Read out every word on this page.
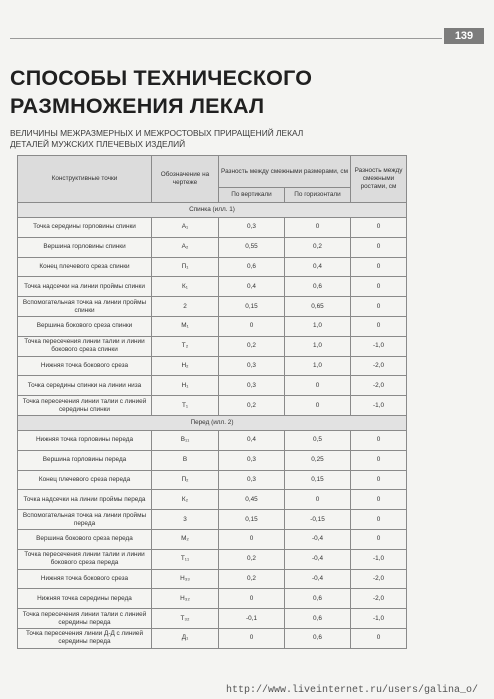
139
СПОСОБЫ ТЕХНИЧЕСКОГО
РАЗМНОЖЕНИЯ ЛЕКАЛ
ВЕЛИЧИНЫ МЕЖРАЗМЕРНЫХ И МЕЖРОСТОВЫХ ПРИРАЩЕНИЙ ЛЕКАЛ
ДЕТАЛЕЙ МУЖСКИХ ПЛЕЧЕВЫХ ИЗДЕЛИЙ
Конструктивные точки	Обозначение на чертеже	Разность между смежными размерами, см		Разность между смежными ростами, см
		По вертикали	По горизонтали	
Спинка (илл. 1)				
Точка середины горловины спинки	А₁	0,3	0	0
Вершина горловины спинки	А₂	0,55	0,2	0
Конец плечевого среза спинки	П₁	0,6	0,4	0
Точка надсечки на линии проймы спинки	К₁	0,4	0,6	0
Вспомогательная точка на линии проймы спинки	2	0,15	0,65	0
Вершина бокового среза спинки	М₁	0	1,0	0
Точка пересечения линии талии и линии бокового среза спинки	Т₂	0,2	1,0	-1,0
Нижняя точка бокового среза	Н₂	0,3	1,0	-2,0
Точка середины спинки на линии низа	Н₁	0,3	0	-2,0
Точка пересечения линии талии с линией середины спинки	Т₁	0,2	0	-1,0
Перед (илл. 2)				
Нижняя точка горловины переда	В₁₁	0,4	0,5	0
Вершина горловины переда	В	0,3	0,25	0
Конец плечевого среза переда	П₂	0,3	0,15	0
Точка надсечки на линии проймы переда	К₂	0,45	0	0
Вспомогательная точка на линии проймы переда	3	0,15	-0,15	0
Вершина бокового среза переда	М₂	0	-0,4	0
Точка пересечения линии талии и линии бокового среза переда	Т₁₁	0,2	-0,4	-1,0
Нижняя точка бокового среза	Н₃₃	0,2	-0,4	-2,0
Нижняя точка середины переда	Н₃₂	0	0,6	-2,0
Точка пересечения линии талии с линией середины переда	Т₃₂	-0,1	0,6	-1,0
Точка пересечения линии Д-Д с линией середины переда	Д₁	0	0,6	0
http://www.liveinternet.ru/users/galina_o/
